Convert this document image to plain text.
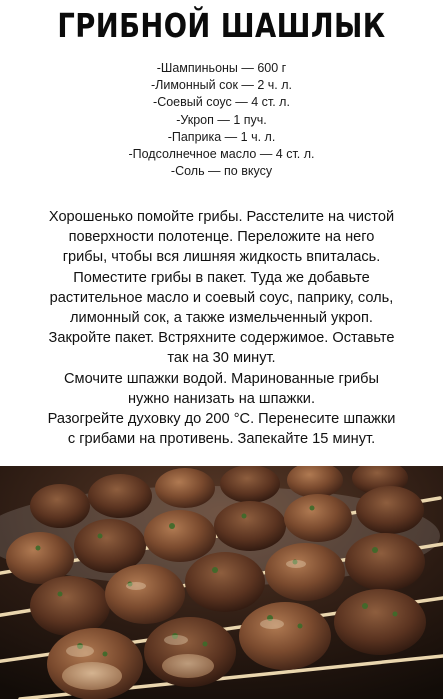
ГРИБНОЙ ШАШЛЫК
-Шампиньоны — 600 г
-Лимонный сок — 2 ч. л.
-Соевый соус — 4 ст. л.
-Укроп — 1 пуч.
-Паприка — 1 ч. л.
-Подсолнечное масло — 4 ст. л.
-Соль — по вкусу
Хорошенько помойте грибы. Расстелите на чистой
поверхности полотенце. Переложите на него
грибы, чтобы вся лишняя жидкость впиталась.
Поместите грибы в пакет. Туда же добавьте
растительное масло и соевый соус, паприку, соль,
лимонный сок, а также измельченный укроп.
Закройте пакет. Встряхните содержимое. Оставьте
так на 30 минут.
Смочите шпажки водой. Маринованные грибы
нужно нанизать на шпажки.
Разогрейте духовку до 200 °С. Перенесите шпажки
с грибами на противень. Запекайте 15 минут.
